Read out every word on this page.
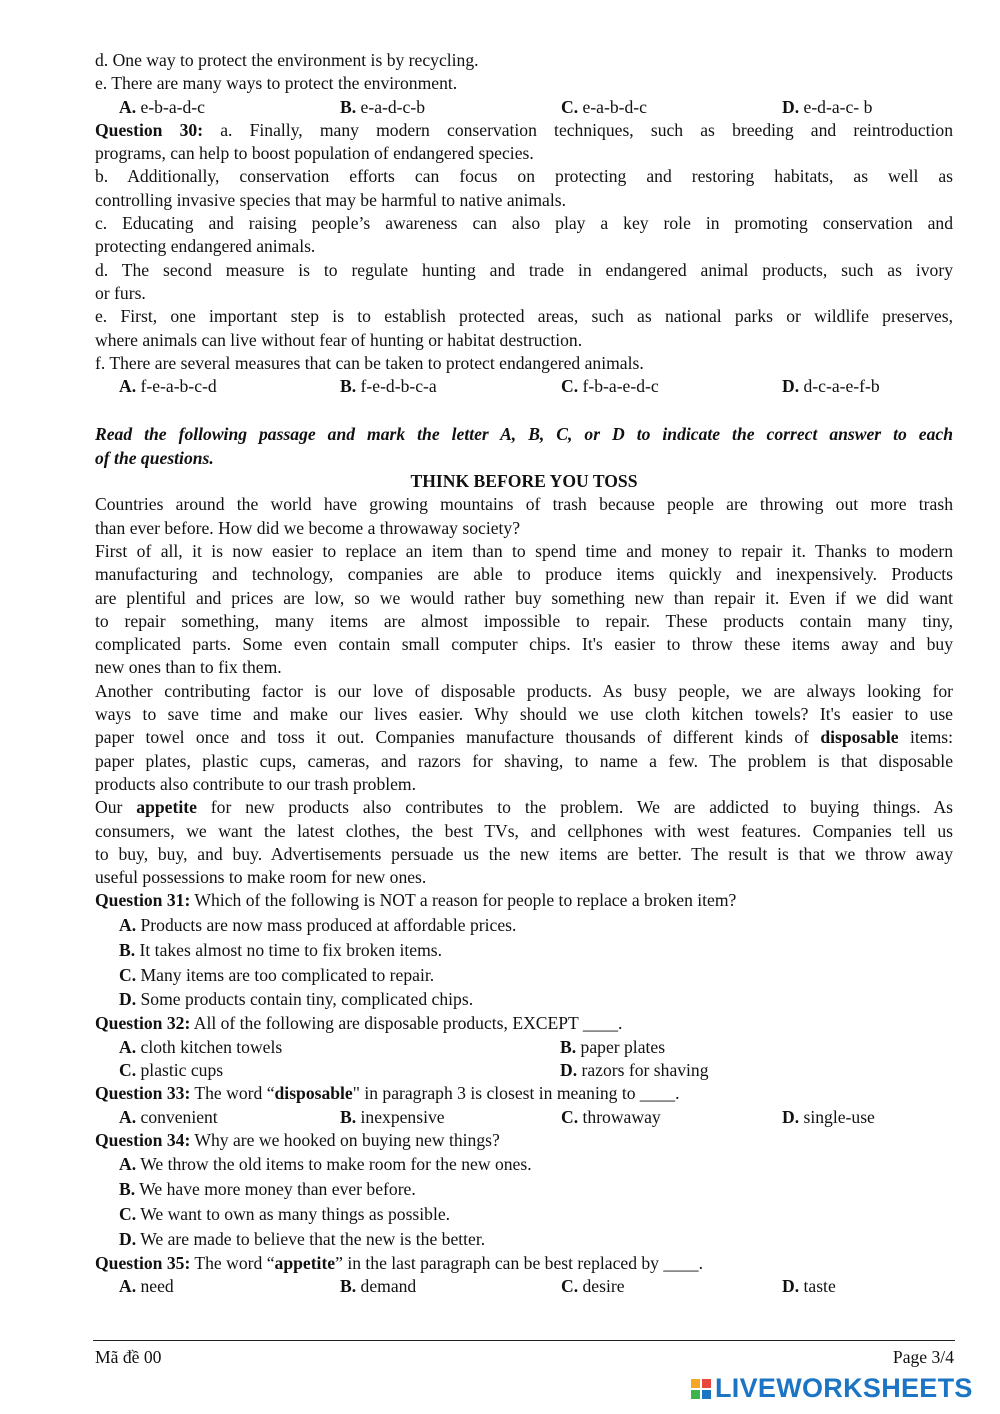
d. One way to protect the environment is by recycling.
e. There are many ways to protect the environment.
A. e-b-a-d-c	B. e-a-d-c-b	C. e-a-b-d-c	D. e-d-a-c- b
Question 30: a. Finally, many modern conservation techniques, such as breeding and reintroduction
programs, can help to boost population of endangered species.
b. Additionally, conservation efforts can focus on protecting and restoring habitats, as well as
controlling invasive species that may be harmful to native animals.
c. Educating and raising people’s awareness can also play a key role in promoting conservation and
protecting endangered animals.
d. The second measure is to regulate hunting and trade in endangered animal products, such as ivory
or furs.
e. First, one important step is to establish protected areas, such as national parks or wildlife preserves,
where animals can live without fear of hunting or habitat destruction.
f. There are several measures that can be taken to protect endangered animals.
A. f-e-a-b-c-d	B. f-e-d-b-c-a	C. f-b-a-e-d-c	D. d-c-a-e-f-b
Read the following passage and mark the letter A, B, C, or D to indicate the correct answer to each
of the questions.
THINK BEFORE YOU TOSS
Countries around the world have growing mountains of trash because people are throwing out more trash
than ever before. How did we become a throwaway society?
First of all, it is now easier to replace an item than to spend time and money to repair it. Thanks to modern
manufacturing and technology, companies are able to produce items quickly and inexpensively. Products
are plentiful and prices are low, so we would rather buy something new than repair it. Even if we did want
to repair something, many items are almost impossible to repair. These products contain many tiny,
complicated parts. Some even contain small computer chips. It's easier to throw these items away and buy
new ones than to fix them.
Another contributing factor is our love of disposable products. As busy people, we are always looking for
ways to save time and make our lives easier. Why should we use cloth kitchen towels? It's easier to use
paper towel once and toss it out. Companies manufacture thousands of different kinds of disposable items:
paper plates, plastic cups, cameras, and razors for shaving, to name a few. The problem is that disposable
products also contribute to our trash problem.
Our appetite for new products also contributes to the problem. We are addicted to buying things. As
consumers, we want the latest clothes, the best TVs, and cellphones with west features. Companies tell us
to buy, buy, and buy. Advertisements persuade us the new items are better. The result is that we throw away
useful possessions to make room for new ones.
Question 31: Which of the following is NOT a reason for people to replace a broken item?
A. Products are now mass produced at affordable prices.
B. It takes almost no time to fix broken items.
C. Many items are too complicated to repair.
D. Some products contain tiny, complicated chips.
Question 32: All of the following are disposable products, EXCEPT ____.
A. cloth kitchen towels	B. paper plates
C. plastic cups	D. razors for shaving
Question 33: The word “disposable" in paragraph 3 is closest in meaning to ____.
A. convenient	B. inexpensive	C. throwaway	D. single-use
Question 34: Why are we hooked on buying new things?
A. We throw the old items to make room for the new ones.
B. We have more money than ever before.
C. We want to own as many things as possible.
D. We are made to believe that the new is the better.
Question 35: The word “appetite” in the last paragraph can be best replaced by ____.
A. need	B. demand	C. desire	D. taste
Mã đề 00	Page 3/4
LIVEWORKSHEETS
